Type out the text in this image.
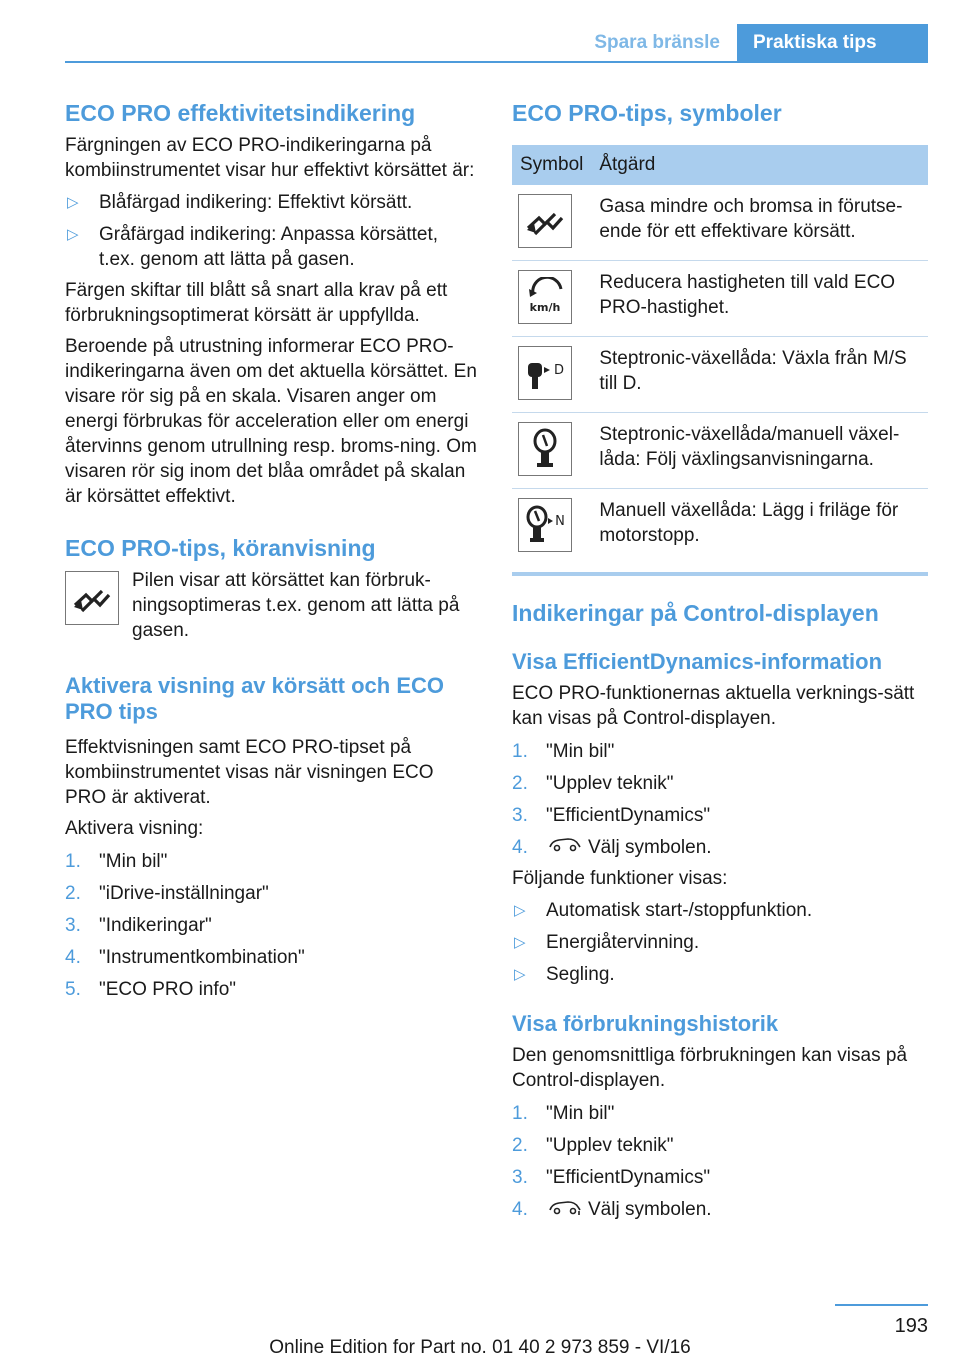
Spara bränsle	Praktiska tips
ECO PRO effektivitetsindikering

Färgningen av ECO PRO-indikeringarna på kombiinstrumentet visar hur effektivt körsättet är:

▷ Blåfärgad indikering: Effektivt körsätt.
▷ Gråfärgad indikering: Anpassa körsättet, t.ex. genom att lätta på gasen.

Färgen skiftar till blått så snart alla krav på ett förbrukningsoptimerat körsätt är uppfyllda.

Beroende på utrustning informerar ECO PRO-indikeringarna även om det aktuella körsättet. En visare rör sig på en skala. Visaren anger om energi förbrukas för acceleration eller om energi återvinns genom utrullning resp. broms-ning. Om visaren rör sig inom det blåa området på skalan är körsättet effektivt.

ECO PRO-tips, köranvisning

Pilen visar att körsättet kan förbruk-ningsoptimeras t.ex. genom att lätta på gasen.

Aktivera visning av körsätt och ECO PRO tips

Effektvisningen samt ECO PRO-tipset på kombiinstrumentet visas när visningen ECO PRO är aktiverat.

Aktivera visning:

1. "Min bil"
2. "iDrive-inställningar"
3. "Indikeringar"
4. "Instrumentkombination"
5. "ECO PRO info"
ECO PRO-tips, symboler
Symbol	Åtgärd

	Gasa mindre och bromsa in förutse-ende för ett effektivare körsätt.

km/h	Reducera hastigheten till vald ECO PRO-hastighet.

D	Steptronic-växellåda: Växla från M/S till D.

	Steptronic-växellåda/manuell växel-låda: Följ växlingsanvisningarna.

N	Manuell växellåda: Lägg i friläge för motorstopp.
Indikeringar på Control-displayen
Visa EfficientDynamics-information

ECO PRO-funktionernas aktuella verknings-sätt kan visas på Control-displayen.

1. "Min bil"
2. "Upplev teknik"
3. "EfficientDynamics"
4.	Välj symbolen.

Följande funktioner visas:

▷ Automatisk start-/stoppfunktion.
▷ Energiåtervinning.
▷ Segling.
Visa förbrukningshistorik

Den genomsnittliga förbrukningen kan visas på Control-displayen.

1. "Min bil"
2. "Upplev teknik"
3. "EfficientDynamics"
4.	Välj symbolen.
193
Online Edition for Part no. 01 40 2 973 859 - VI/16
